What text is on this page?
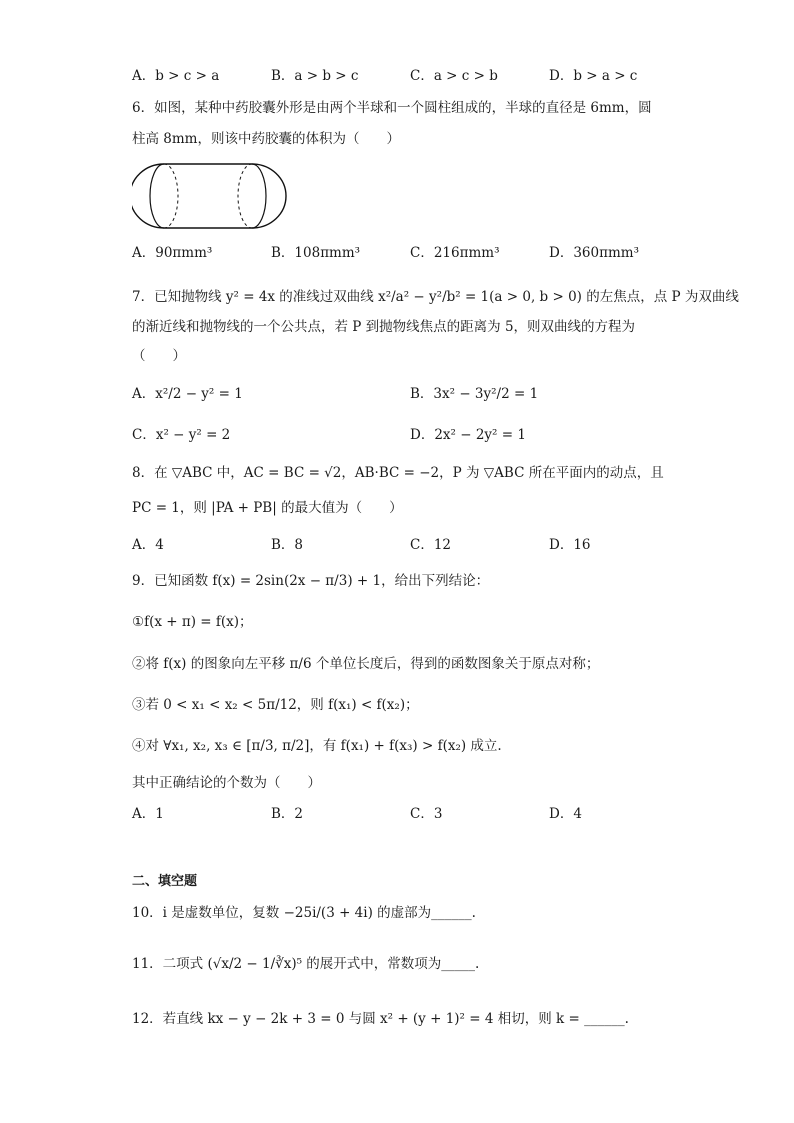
A．b > c > a	B．a > b > c	C．a > c > b	D．b > a > c
6．如图，某种中药胶囊外形是由两个半球和一个圆柱组成的，半球的直径是 6mm，圆
柱高 8mm，则该中药胶囊的体积为（　　）
A．90πmm³	B．108πmm³	C．216πmm³	D．360πmm³
7．已知抛物线 y² = 4x 的准线过双曲线 x²/a² − y²/b² = 1(a > 0, b > 0) 的左焦点，点 P 为双曲线
的渐近线和抛物线的一个公共点，若 P 到抛物线焦点的距离为 5，则双曲线的方程为
（　　）
A．x²/2 − y² = 1	B．3x² − 3y²/2 = 1
C．x² − y² = 2	D．2x² − 2y² = 1
8．在 ▽ABC 中，AC = BC = √2，AB·BC = −2，P 为 ▽ABC 所在平面内的动点，且
PC = 1，则 |PA + PB| 的最大值为（　　）
A．4	B．8	C．12	D．16
9．已知函数 f(x) = 2sin(2x − π/3) + 1，给出下列结论：
①f(x + π) = f(x)；
②将 f(x) 的图象向左平移 π/6 个单位长度后，得到的函数图象关于原点对称；
③若 0 < x₁ < x₂ < 5π/12，则 f(x₁) < f(x₂)；
④对 ∀x₁, x₂, x₃ ∈ [π/3, π/2]，有 f(x₁) + f(x₃) > f(x₂) 成立.
其中正确结论的个数为（　　）
A．1	B．2	C．3	D．4
二、填空题
10．i 是虚数单位，复数 −25i/(3 + 4i) 的虚部为______.
11．二项式 (√x/2 − 1/∛x)⁵ 的展开式中，常数项为_____.
12．若直线 kx − y − 2k + 3 = 0 与圆 x² + (y + 1)² = 4 相切，则 k = ______.
